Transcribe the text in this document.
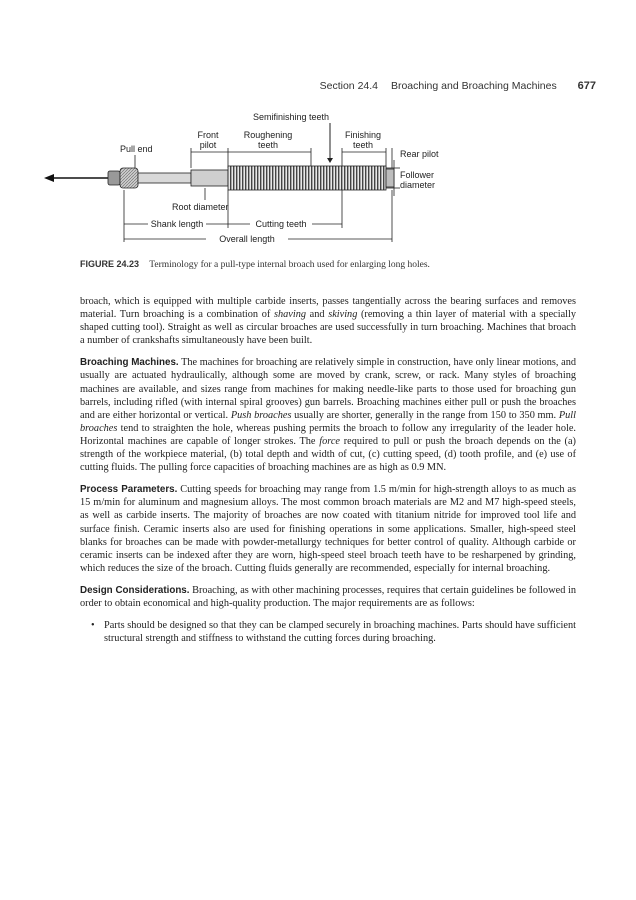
Section 24.4 Broaching and Broaching Machines 677
Semifinishing teeth
Front
pilot
Roughening
teeth
Finishing
teeth
Pull end	Rear pilot
Follower
diameter
Root diameter
Shank length	Cutting teeth
Overall length
FIGURE 24.23 Terminology for a pull-type internal broach used for enlarging long holes.

broach, which is equipped with multiple carbide inserts, passes tangentially across the bearing surfaces and removes material. Turn broaching is a combination of shaving and skiving (removing a thin layer of material with a specially shaped cutting tool). Straight as well as circular broaches are used successfully in turn broaching. Machines that broach a number of crankshafts simultaneously have been built.

Broaching Machines. The machines for broaching are relatively simple in construction, have only linear motions, and usually are actuated hydraulically, although some are moved by crank, screw, or rack. Many styles of broaching machines are available, and sizes range from machines for making needle-like parts to those used for broaching gun barrels, including rifled (with internal spiral grooves) gun barrels. Broaching machines either pull or push the broaches and are either horizontal or vertical. Push broaches usually are shorter, generally in the range from 150 to 350 mm. Pull broaches tend to straighten the hole, whereas pushing permits the broach to follow any irregularity of the leader hole. Horizontal machines are capable of longer strokes. The force required to pull or push the broach depends on the (a) strength of the workpiece material, (b) total depth and width of cut, (c) cutting speed, (d) tooth profile, and (e) use of cutting fluids. The pulling force capacities of broaching machines are as high as 0.9 MN.

Process Parameters. Cutting speeds for broaching may range from 1.5 m/min for high-strength alloys to as much as 15 m/min for aluminum and magnesium alloys. The most common broach materials are M2 and M7 high-speed steels, as well as carbide inserts. The majority of broaches are now coated with titanium nitride for improved tool life and surface finish. Ceramic inserts also are used for finishing operations in some applications. Smaller, high-speed steel blanks for broaches can be made with powder-metallurgy techniques for better control of quality. Although carbide or ceramic inserts can be indexed after they are worn, high-speed steel broach teeth have to be resharpened by grinding, which reduces the size of the broach. Cutting fluids generally are recommended, especially for internal broaching.

Design Considerations. Broaching, as with other machining processes, requires that certain guidelines be followed in order to obtain economical and high-quality production. The major requirements are as follows:

• Parts should be designed so that they can be clamped securely in broaching machines. Parts should have sufficient structural strength and stiffness to withstand the cutting forces during broaching.
